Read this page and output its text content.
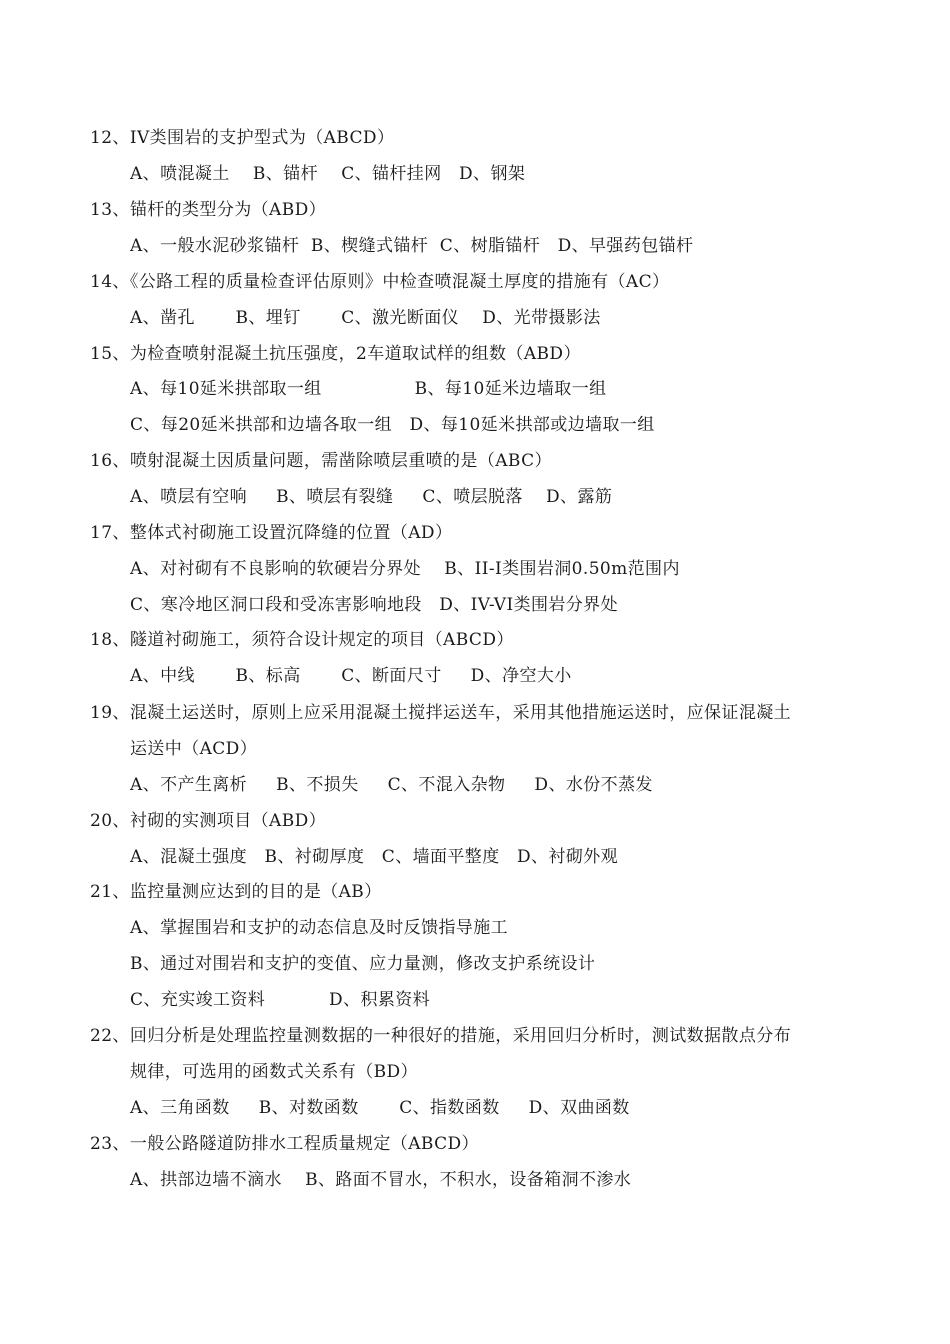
12、IV类围岩的支护型式为（ABCD）

A、喷混凝土    B、锚杆    C、锚杆挂网   D、钢架

13、锚杆的类型分为（ABD）

A、一般水泥砂浆锚杆  B、楔缝式锚杆  C、树脂锚杆   D、早强药包锚杆

14、《公路工程的质量检查评估原则》中检查喷混凝土厚度的措施有（AC）

A、凿孔       B、埋钉       C、激光断面仪    D、光带摄影法

15、为检查喷射混凝土抗压强度，2车道取试样的组数（ABD）

A、每10延米拱部取一组                B、每10延米边墙取一组

C、每20延米拱部和边墙各取一组   D、每10延米拱部或边墙取一组

16、喷射混凝土因质量问题，需凿除喷层重喷的是（ABC）

A、喷层有空响     B、喷层有裂缝     C、喷层脱落    D、露筋

17、整体式衬砌施工设置沉降缝的位置（AD）

A、对衬砌有不良影响的软硬岩分界处    B、II-I类围岩洞0.50m范围内

C、寒冷地区洞口段和受冻害影响地段   D、IV-VI类围岩分界处

18、隧道衬砌施工，须符合设计规定的项目（ABCD）

A、中线       B、标高       C、断面尺寸     D、净空大小

19、混凝土运送时，原则上应采用混凝土搅拌运送车，采用其他措施运送时，应保证混凝土

运送中（ACD）

A、不产生离析     B、不损失     C、不混入杂物     D、水份不蒸发

20、衬砌的实测项目（ABD）

A、混凝土强度   B、衬砌厚度   C、墙面平整度   D、衬砌外观

21、监控量测应达到的目的是（AB）

A、掌握围岩和支护的动态信息及时反馈指导施工

B、通过对围岩和支护的变值、应力量测，修改支护系统设计

C、充实竣工资料           D、积累资料

22、回归分析是处理监控量测数据的一种很好的措施，采用回归分析时，测试数据散点分布

规律，可选用的函数式关系有（BD）

A、三角函数     B、对数函数       C、指数函数     D、双曲函数

23、一般公路隧道防排水工程质量规定（ABCD）

A、拱部边墙不滴水    B、路面不冒水，不积水，设备箱洞不渗水
